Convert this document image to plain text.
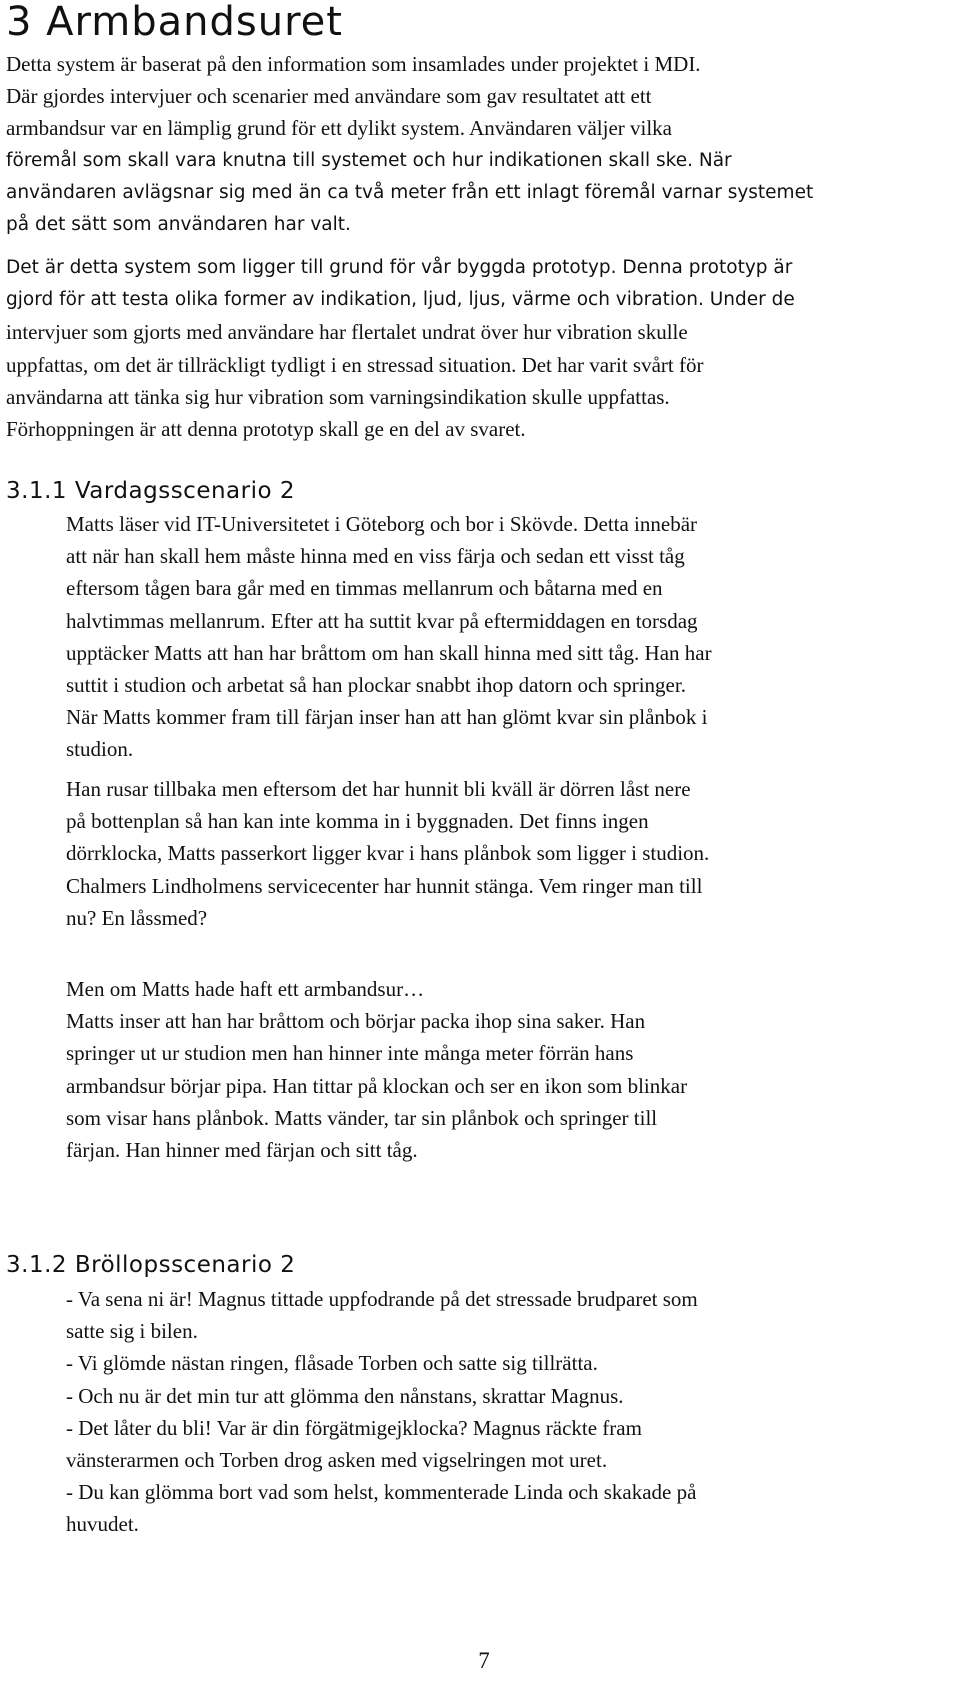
3 Armbandsuret
Detta system är baserat på den information som insamlades under projektet i MDI.
Där gjordes intervjuer och scenarier med användare som gav resultatet att ett
armbandsur var en lämplig grund för ett dylikt system. Användaren väljer vilka
föremål som skall vara knutna till systemet och hur indikationen skall ske. När
användaren avlägsnar sig med än ca två meter från ett inlagt föremål varnar systemet
på det sätt som användaren har valt.
Det är detta system som ligger till grund för vår byggda prototyp. Denna prototyp är
gjord för att testa olika former av indikation, ljud, ljus, värme och vibration. Under de
intervjuer som gjorts med användare har flertalet undrat över hur vibration skulle
uppfattas, om det är tillräckligt tydligt i en stressad situation. Det har varit svårt för
användarna att tänka sig hur vibration som varningsindikation skulle uppfattas.
Förhoppningen är att denna prototyp skall ge en del av svaret.
3.1.1 Vardagsscenario 2
Matts läser vid IT-Universitetet i Göteborg och bor i Skövde. Detta innebär
att när han skall hem måste hinna med en viss färja och sedan ett visst tåg
eftersom tågen bara går med en timmas mellanrum och båtarna med en
halvtimmas mellanrum. Efter att ha suttit kvar på eftermiddagen en torsdag
upptäcker Matts att han har bråttom om han skall hinna med sitt tåg. Han har
suttit i studion och arbetat så han plockar snabbt ihop datorn och springer.
När Matts kommer fram till färjan inser han att han glömt kvar sin plånbok i
studion.
Han rusar tillbaka men eftersom det har hunnit bli kväll är dörren låst nere
på bottenplan så han kan inte komma in i byggnaden. Det finns ingen
dörrklocka, Matts passerkort ligger kvar i hans plånbok som ligger i studion.
Chalmers Lindholmens servicecenter har hunnit stänga. Vem ringer man till
nu? En låssmed?
Men om Matts hade haft ett armbandsur…
Matts inser att han har bråttom och börjar packa ihop sina saker. Han
springer ut ur studion men han hinner inte många meter förrän hans
armbandsur börjar pipa. Han tittar på klockan och ser en ikon som blinkar
som visar hans plånbok. Matts vänder, tar sin plånbok och springer till
färjan. Han hinner med färjan och sitt tåg.
3.1.2 Bröllopsscenario 2
- Va sena ni är! Magnus tittade uppfodrande på det stressade brudparet som
satte sig i bilen.
- Vi glömde nästan ringen, flåsade Torben och satte sig tillrätta.
- Och nu är det min tur att glömma den nånstans, skrattar Magnus.
- Det låter du bli! Var är din förgätmigejklocka? Magnus räckte fram
vänsterarmen och Torben drog asken med vigselringen mot uret.
- Du kan glömma bort vad som helst, kommenterade Linda och skakade på
huvudet.
7
